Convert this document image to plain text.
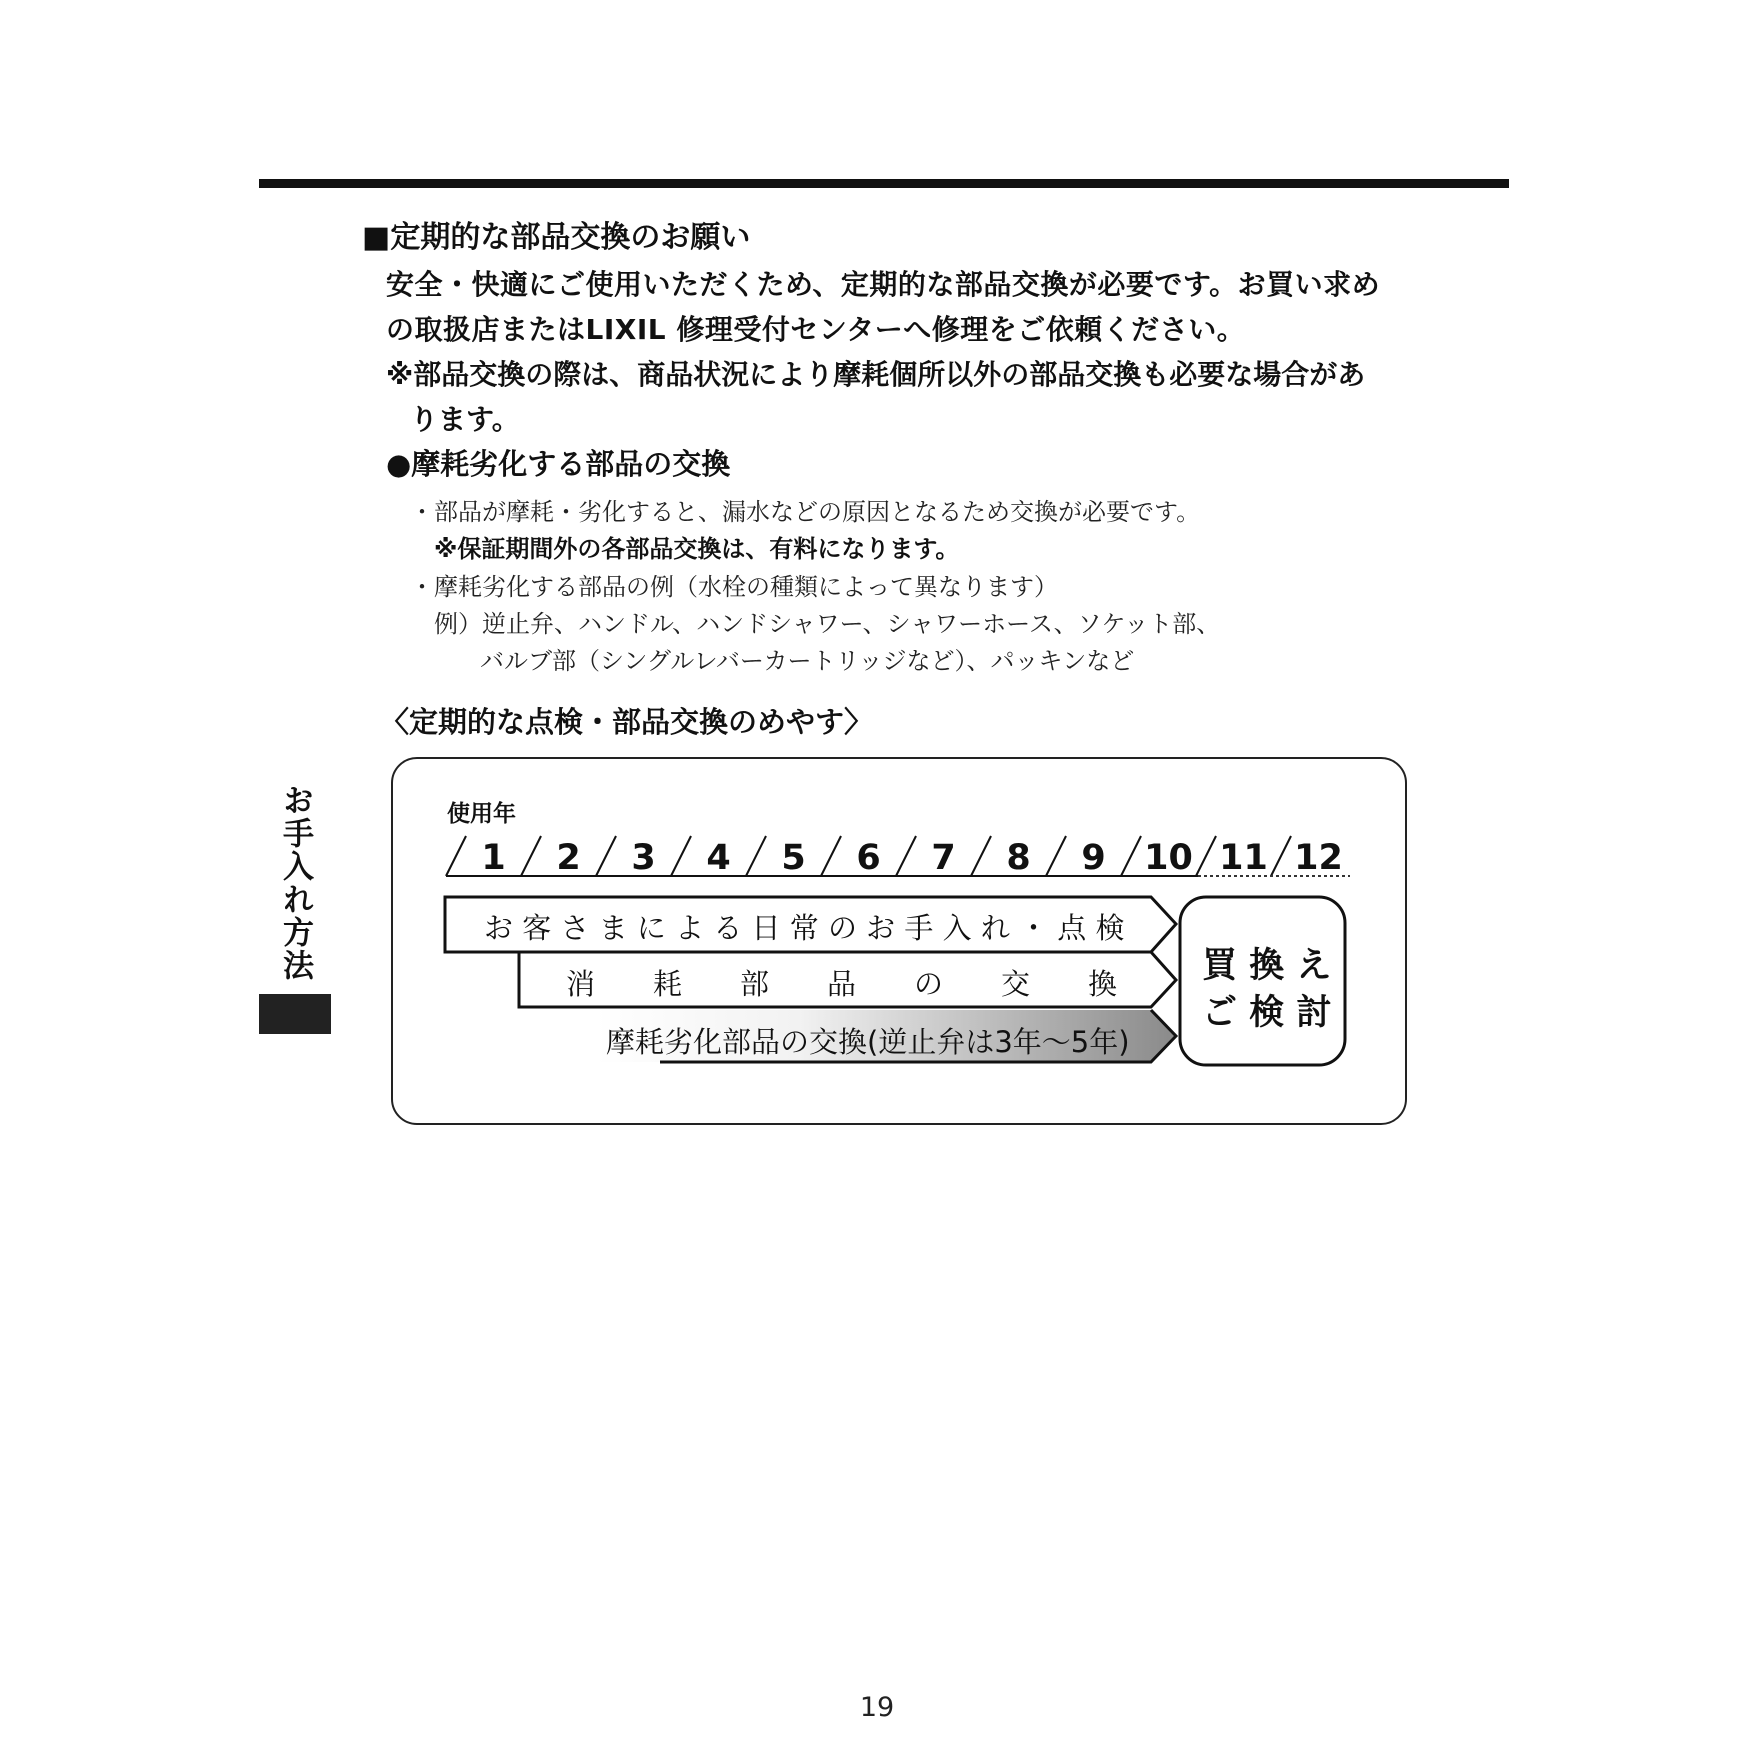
■定期的な部品交換のお願い
安全・快適にご使用いただくため、定期的な部品交換が必要です。お買い求め
の取扱店またはLIXIL 修理受付センターへ修理をご依頼ください。
※部品交換の際は、商品状況により摩耗個所以外の部品交換も必要な場合があ
ります。
●摩耗劣化する部品の交換
・部品が摩耗・劣化すると、漏水などの原因となるため交換が必要です。
※保証期間外の各部品交換は、有料になります。
・摩耗劣化する部品の例（水栓の種類によって異なります）
例）逆止弁、ハンドル、ハンドシャワー、シャワーホース、ソケット部、
バルブ部（シングルレバーカートリッジなど）、パッキンなど
〈定期的な点検・部品交換のめやす〉
お手入れ方法	使用年
1 2 3 4 5 6 7 8 9 10 11 12
お 客 さ ま に よ る 日 常 の お 手 入 れ ・ 点 検
消　　耗　　部　　品　　の　　交　　換
摩耗劣化部品の交換(逆止弁は3年〜5年)
買 換 え
ご 検 討
19
